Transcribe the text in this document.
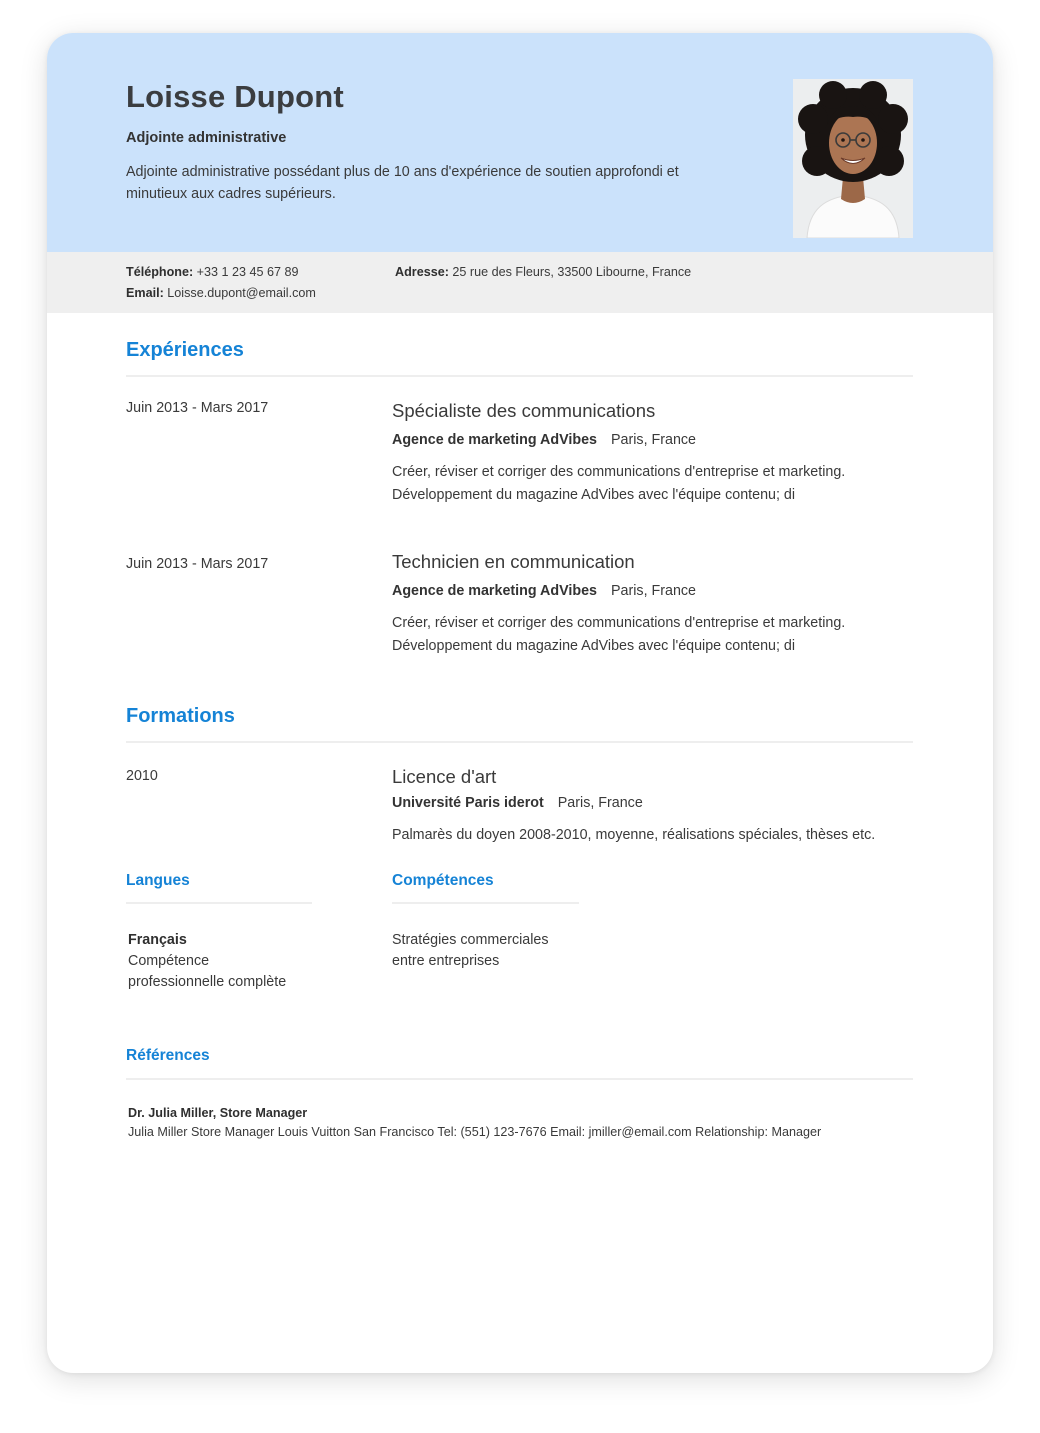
Loisse Dupont
Adjointe administrative
Adjointe administrative possédant plus de 10 ans d'expérience de soutien approfondi et
minutieux aux cadres supérieurs.
Téléphone: +33 1 23 45 67 89
Email: Loisse.dupont@email.com
Adresse: 25 rue des Fleurs, 33500 Libourne, France
Expériences
Juin 2013 - Mars 2017	Spécialiste des communications
Agence de marketing AdVibes Paris, France
Créer, réviser et corriger des communications d'entreprise et marketing.
Développement du magazine AdVibes avec l'équipe contenu; di
Juin 2013 - Mars 2017	Technicien en communication
Agence de marketing AdVibes Paris, France
Créer, réviser et corriger des communications d'entreprise et marketing.
Développement du magazine AdVibes avec l'équipe contenu; di
Formations
2010	Licence d'art
Université Paris iderot Paris, France
Palmarès du doyen 2008-2010, moyenne, réalisations spéciales, thèses etc.
Langues
Français
Compétence
professionnelle complète
Compétences
Stratégies commerciales
entre entreprises
Références
Dr. Julia Miller, Store Manager
Julia Miller Store Manager Louis Vuitton San Francisco Tel: (551) 123-7676 Email: jmiller@email.com Relationship: Manager
